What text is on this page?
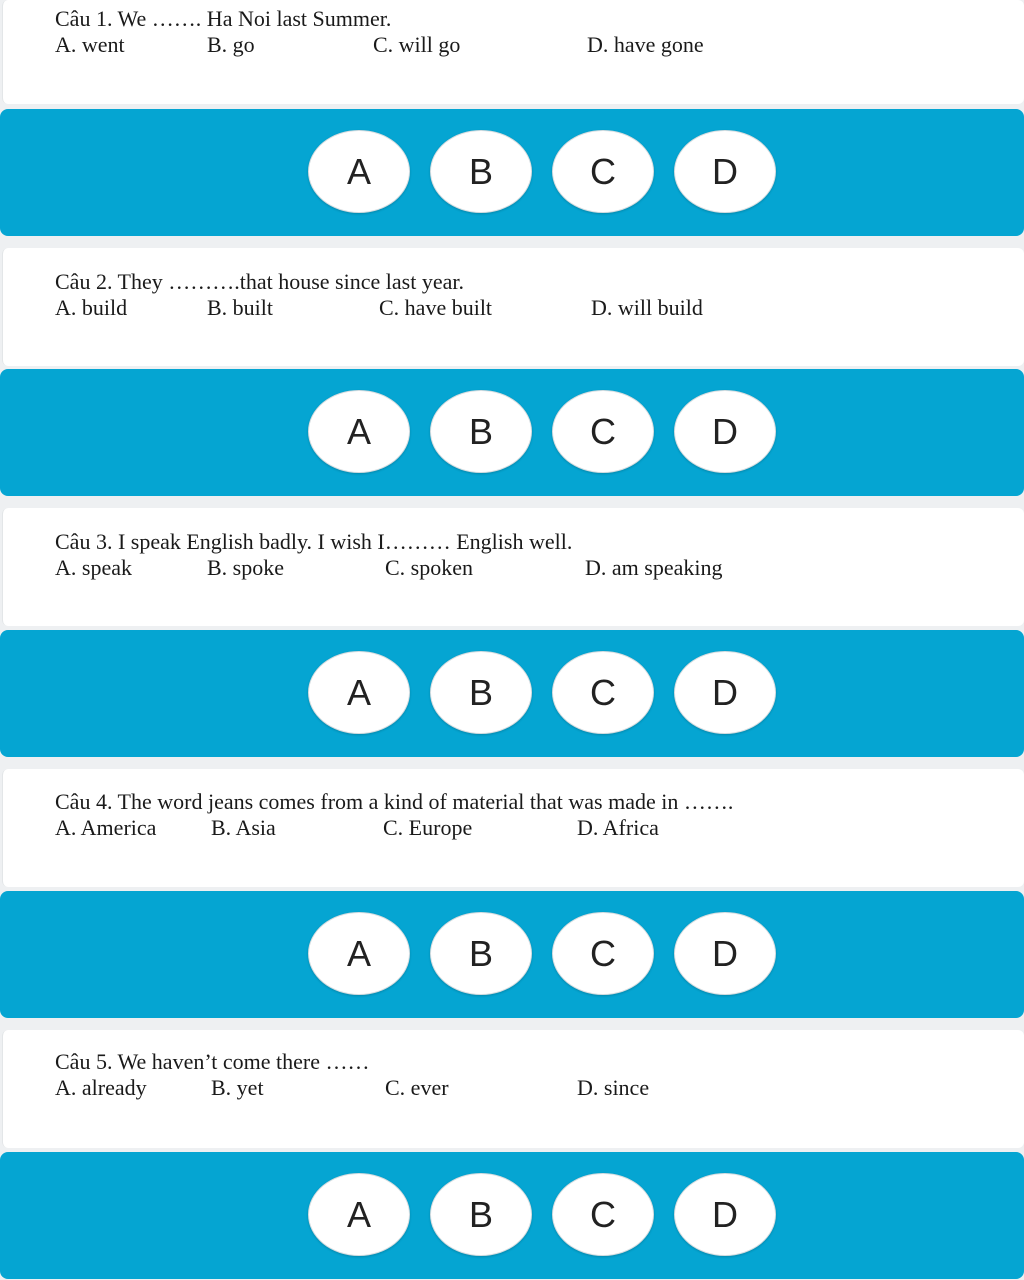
Câu 1. We ……. Ha Noi last Summer.
A. went	B. go	C. will go	D. have gone
A	B	C	D
Câu 2. They ……….that house since last year.
A. build	B. built	C. have built	D. will build
A	B	C	D
Câu 3. I speak English badly. I wish I……… English well.
A. speak	B. spoke	C. spoken	D. am speaking
A	B	C	D
Câu 4. The word jeans comes from a kind of material that was made in …….
A. America B. Asia	C. Europe	D. Africa
A	B	C	D
Câu 5. We haven’t come there ……
A. already	B. yet	C. ever	D. since
A	B	C	D
